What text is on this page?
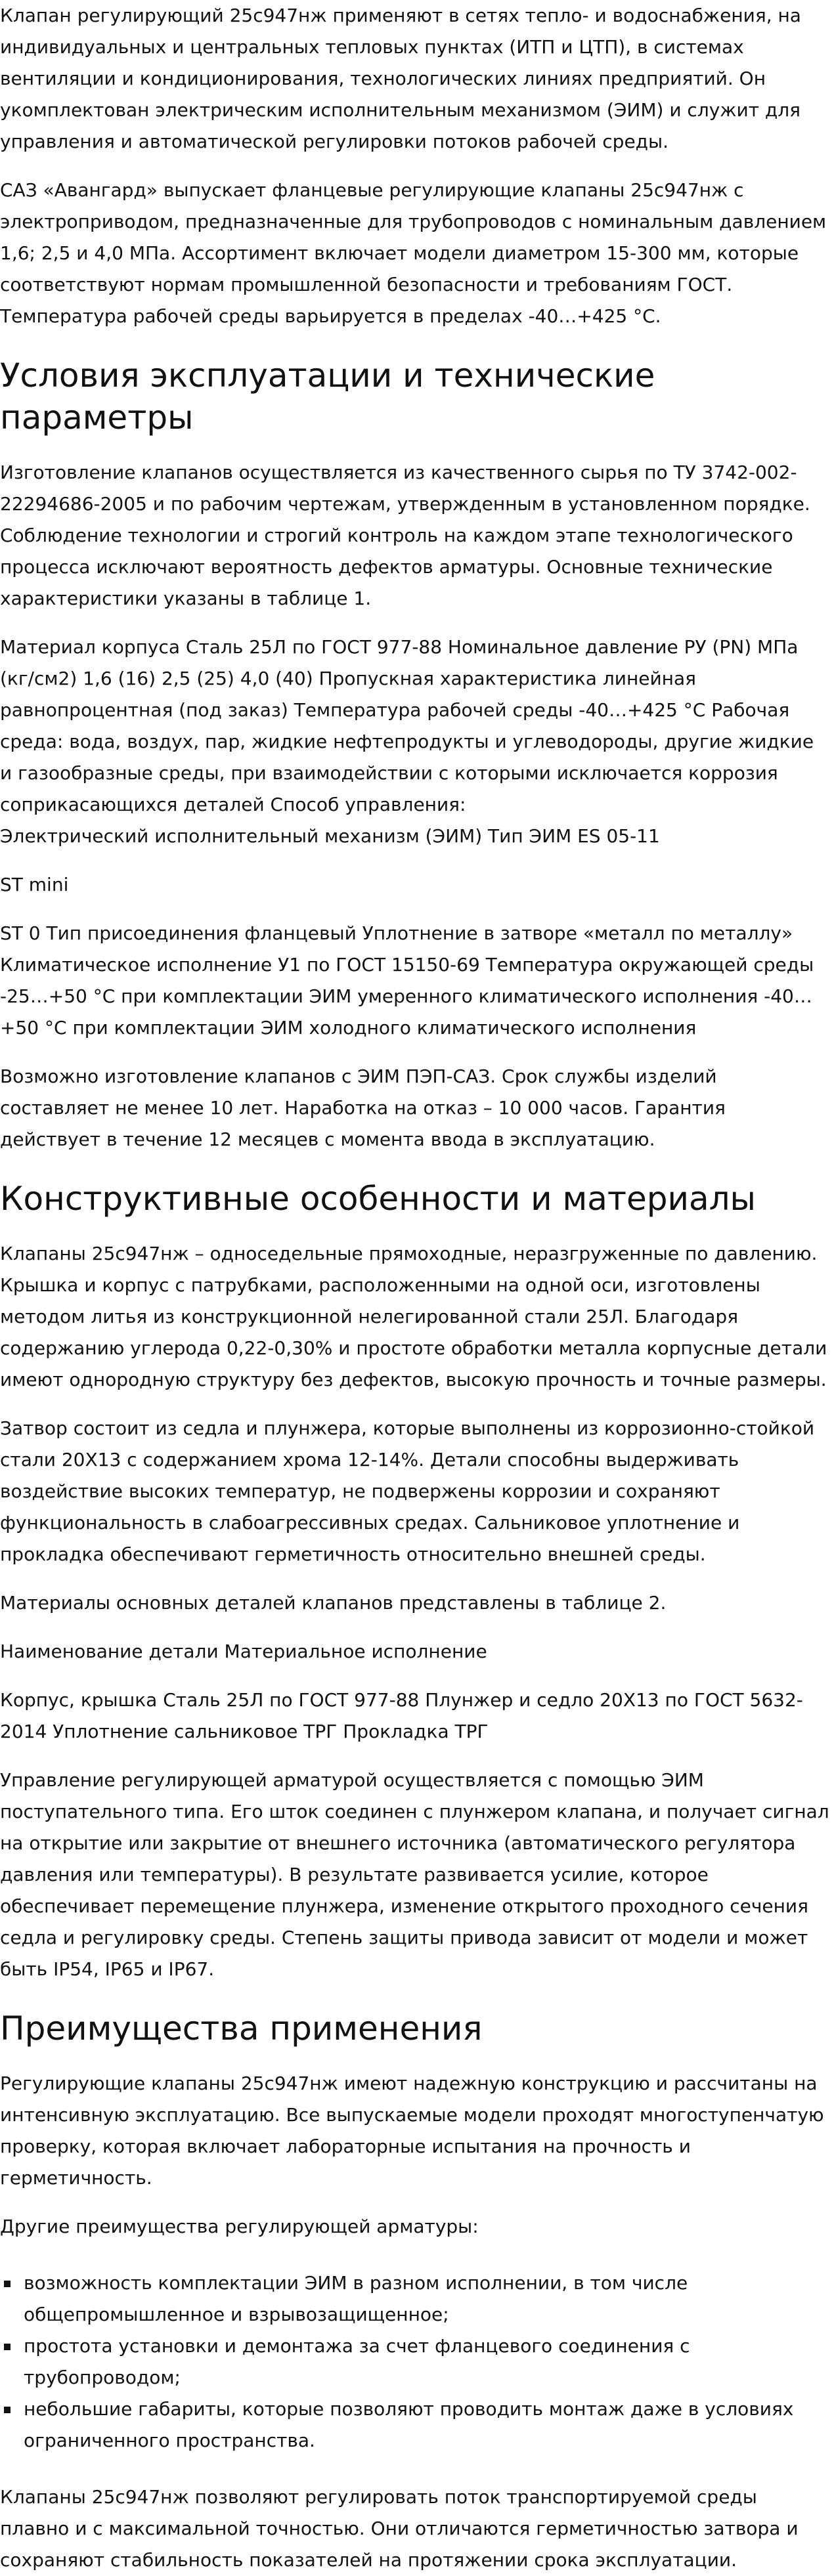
Клапан регулирующий 25с947нж применяют в сетях тепло- и водоснабжения, на индивидуальных и центральных тепловых пунктах (ИТП и ЦТП), в системах вентиляции и кондиционирования, технологических линиях предприятий. Он укомплектован электрическим исполнительным механизмом (ЭИМ) и служит для управления и автоматической регулировки потоков рабочей среды.

САЗ «Авангард» выпускает фланцевые регулирующие клапаны 25с947нж с электроприводом, предназначенные для трубопроводов с номинальным давлением 1,6; 2,5 и 4,0 МПа. Ассортимент включает модели диаметром 15-300 мм, которые соответствуют нормам промышленной безопасности и требованиям ГОСТ. Температура рабочей среды варьируется в пределах -40…+425 °С.

Условия эксплуатации и технические параметры

Изготовление клапанов осуществляется из качественного сырья по ТУ 3742-002-22294686-2005 и по рабочим чертежам, утвержденным в установленном порядке. Соблюдение технологии и строгий контроль на каждом этапе технологического процесса исключают вероятность дефектов арматуры. Основные технические характеристики указаны в таблице 1.

Материал корпуса Сталь 25Л по ГОСТ 977-88 Номинальное давление РУ (PN) МПа (кг/см2) 1,6 (16) 2,5 (25) 4,0 (40) Пропускная характеристика линейная равнопроцентная (под заказ) Температура рабочей среды -40…+425 °С Рабочая среда: вода, воздух, пар, жидкие нефтепродукты и углеводороды, другие жидкие и газообразные среды, при взаимодействии с которыми исключается коррозия соприкасающихся деталей Способ управления:
Электрический исполнительный механизм (ЭИМ) Тип ЭИМ ES 05-11

ST mini

ST 0 Тип присоединения фланцевый Уплотнение в затворе «металл по металлу» Климатическое исполнение У1 по ГОСТ 15150-69 Температура окружающей среды -25…+50 °С при комплектации ЭИМ умеренного климатического исполнения -40…+50 °С при комплектации ЭИМ холодного климатического исполнения

Возможно изготовление клапанов с ЭИМ ПЭП-САЗ. Срок службы изделий составляет не менее 10 лет. Наработка на отказ – 10 000 часов. Гарантия действует в течение 12 месяцев с момента ввода в эксплуатацию.

Конструктивные особенности и материалы

Клапаны 25с947нж – односедельные прямоходные, неразгруженные по давлению. Крышка и корпус с патрубками, расположенными на одной оси, изготовлены методом литья из конструкционной нелегированной стали 25Л. Благодаря содержанию углерода 0,22-0,30% и простоте обработки металла корпусные детали имеют однородную структуру без дефектов, высокую прочность и точные размеры.

Затвор состоит из седла и плунжера, которые выполнены из коррозионно-стойкой стали 20Х13 с содержанием хрома 12-14%. Детали способны выдерживать воздействие высоких температур, не подвержены коррозии и сохраняют функциональность в слабоагрессивных средах. Сальниковое уплотнение и прокладка обеспечивают герметичность относительно внешней среды.

Материалы основных деталей клапанов представлены в таблице 2.

Наименование детали Материальное исполнение

Корпус, крышка Сталь 25Л по ГОСТ 977-88 Плунжер и седло 20Х13 по ГОСТ 5632-2014 Уплотнение сальниковое ТРГ Прокладка ТРГ

Управление регулирующей арматурой осуществляется с помощью ЭИМ поступательного типа. Его шток соединен с плунжером клапана, и получает сигнал на открытие или закрытие от внешнего источника (автоматического регулятора давления или температуры). В результате развивается усилие, которое обеспечивает перемещение плунжера, изменение открытого проходного сечения седла и регулировку среды. Степень защиты привода зависит от модели и может быть IP54, IP65 и IP67.

Преимущества применения

Регулирующие клапаны 25с947нж имеют надежную конструкцию и рассчитаны на интенсивную эксплуатацию. Все выпускаемые модели проходят многоступенчатую проверку, которая включает лабораторные испытания на прочность и герметичность.

Другие преимущества регулирующей арматуры:

возможность комплектации ЭИМ в разном исполнении, в том числе общепромышленное и взрывозащищенное;
простота установки и демонтажа за счет фланцевого соединения с трубопроводом;
небольшие габариты, которые позволяют проводить монтаж даже в условиях ограниченного пространства.

Клапаны 25с947нж позволяют регулировать поток транспортируемой среды плавно и с максимальной точностью. Они отличаются герметичностью затвора и сохраняют стабильность показателей на протяжении срока эксплуатации.
